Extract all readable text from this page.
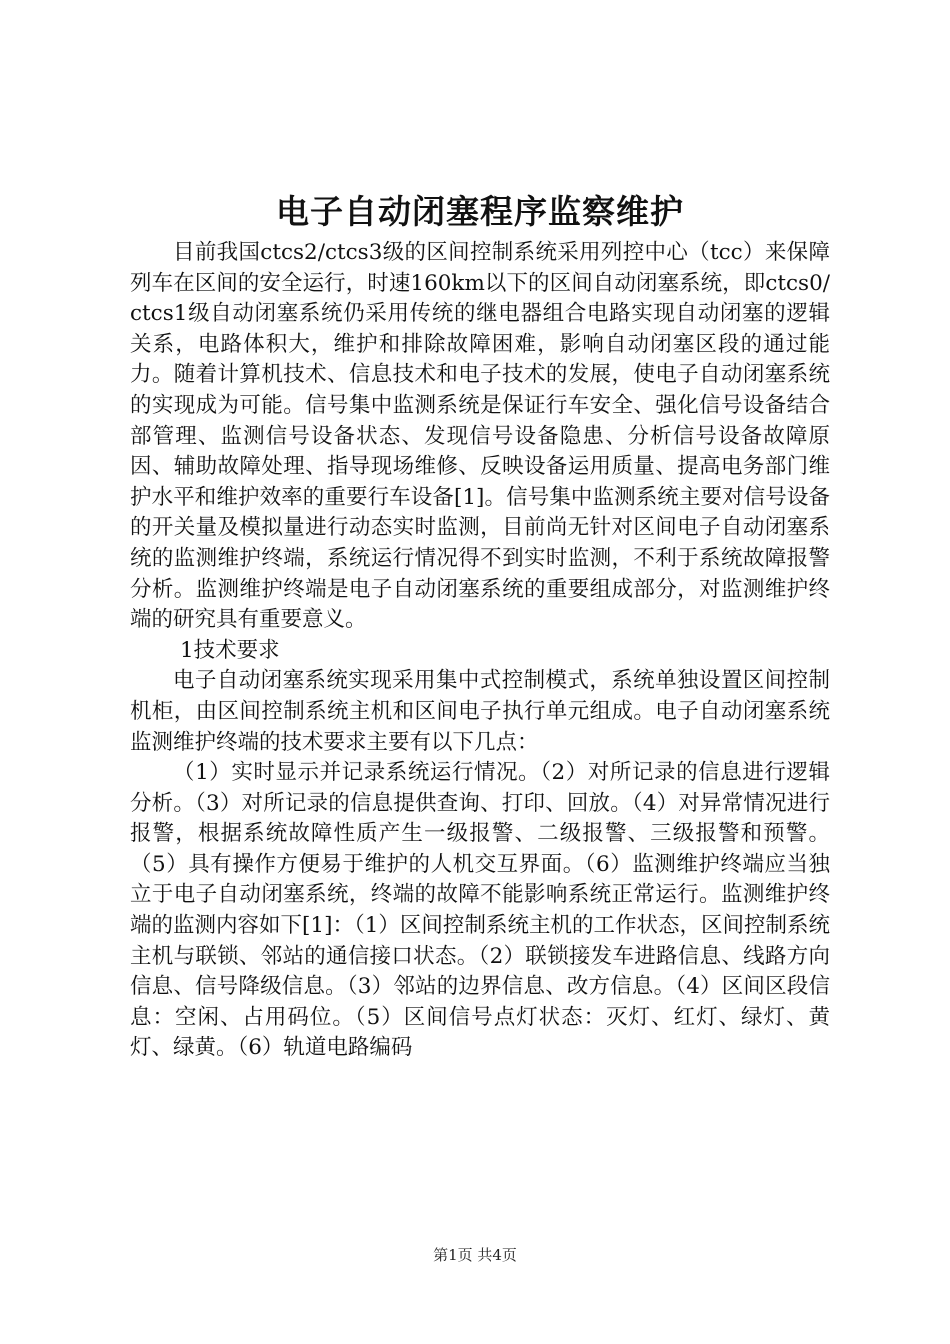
电子自动闭塞程序监察维护

目前我国ctcs2/ctcs3级的区间控制系统采用列控中心（tcc）来保障列车在区间的安全运行，时速160km以下的区间自动闭塞系统，即ctcs0/ctcs1级自动闭塞系统仍采用传统的继电器组合电路实现自动闭塞的逻辑关系，电路体积大，维护和排除故障困难，影响自动闭塞区段的通过能力。随着计算机技术、信息技术和电子技术的发展，使电子自动闭塞系统的实现成为可能。信号集中监测系统是保证行车安全、强化信号设备结合部管理、监测信号设备状态、发现信号设备隐患、分析信号设备故障原因、辅助故障处理、指导现场维修、反映设备运用质量、提高电务部门维护水平和维护效率的重要行车设备[1]。信号集中监测系统主要对信号设备的开关量及模拟量进行动态实时监测，目前尚无针对区间电子自动闭塞系统的监测维护终端，系统运行情况得不到实时监测，不利于系统故障报警分析。监测维护终端是电子自动闭塞系统的重要组成部分，对监测维护终端的研究具有重要意义。

1技术要求

电子自动闭塞系统实现采用集中式控制模式，系统单独设置区间控制机柜，由区间控制系统主机和区间电子执行单元组成。电子自动闭塞系统监测维护终端的技术要求主要有以下几点：

（1）实时显示并记录系统运行情况。（2）对所记录的信息进行逻辑分析。（3）对所记录的信息提供查询、打印、回放。（4）对异常情况进行报警，根据系统故障性质产生一级报警、二级报警、三级报警和预警。（5）具有操作方便易于维护的人机交互界面。（6）监测维护终端应当独立于电子自动闭塞系统，终端的故障不能影响系统正常运行。监测维护终端的监测内容如下[1]：（1）区间控制系统主机的工作状态，区间控制系统主机与联锁、邻站的通信接口状态。（2）联锁接发车进路信息、线路方向信息、信号降级信息。（3）邻站的边界信息、改方信息。（4）区间区段信息：空闲、占用码位。（5）区间信号点灯状态：灭灯、红灯、绿灯、黄灯、绿黄。（6）轨道电路编码

第1页 共4页
